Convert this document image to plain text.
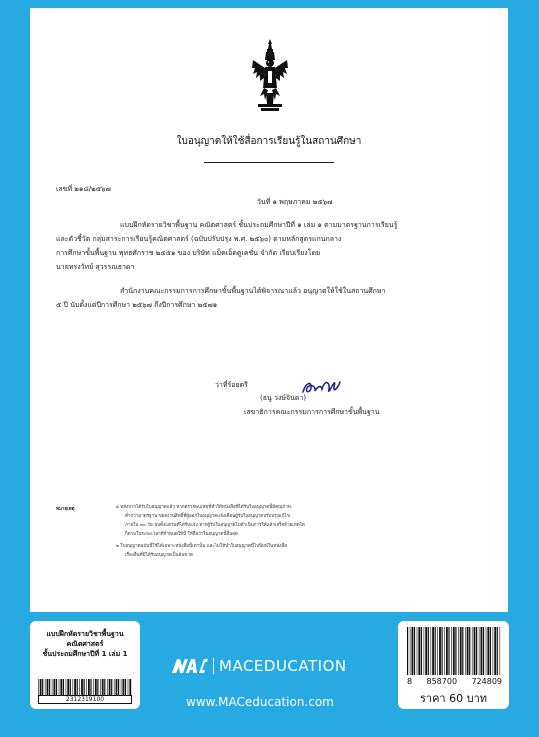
ใบอนุญาตให้ใช้สื่อการเรียนรู้ในสถานศึกษา
เลขที่ ๒๑๘/๒๕๖๗
วันที่ ๑ พฤษภาคม ๒๕๖๗
แบบฝึกหัดรายวิชาพื้นฐาน คณิตศาสตร์ ชั้นประถมศึกษาปีที่ ๑ เล่ม ๑ ตามมาตรฐานการเรียนรู้
และตัวชี้วัด กลุ่มสาระการเรียนรู้คณิตศาสตร์ (ฉบับปรับปรุง พ.ศ. ๒๕๖๐) ตามหลักสูตรแกนกลาง
การศึกษาขั้นพื้นฐาน พุทธศักราช ๒๕๕๑ ของ บริษัท แม็คเอ็ดดูเคชั่น จำกัด เรียบเรียงโดย
นายทรงวัทย์ สุวรรณธาดา
สำนักงานคณะกรรมการการศึกษาขั้นพื้นฐานได้พิจารณาแล้ว อนุญาตให้ใช้ในสถานศึกษา
๕ ปี นับตั้งแต่ปีการศึกษา ๒๕๖๗ ถึงปีการศึกษา ๒๕๗๑
ว่าที่ร้อยตรี
(ธนู ว่งษ์จินดา)
เลขาธิการคณะกรรมการการศึกษาขั้นพื้นฐาน
หมายเหตุ	๑ หลังจากได้รับใบอนุญาตแล้ว หากตรวจพบเหตุที่ทำให้หนังสือที่ได้รับใบอนุญาตนี้มีคุณภาพ
ต่ำกว่ามาตรฐาน ขอสงวนสิทธิ์ที่ผู้ออกใบอนุญาตแจ้งเตือนผู้รับใบอนุญาตปรับปรุงแก้ไข
ภายใน ๓๐ วัน นับตั้งแต่วันที่ได้รับแจ้ง หากผู้รับใบอนุญาตไม่ดำเนินการให้แล้วเสร็จด้วยเหตุใด
ก็ตามในระยะเวลาที่กำหนดให้นี้ ให้ถือว่าใบอนุญาตนี้สิ้นสุด
๒ ใบอนุญาตฉบับนี้ใช้ได้เฉพาะหนังสือนี้เท่านั้น และไม่ให้นำใบอนุญาตนี้ไปพิมพ์ในหนังสือ
เรื่องอื่นที่มิได้รับอนุญาตเป็นอันขาด
แบบฝึกหัดรายวิชาพื้นฐาน
คณิตศาสตร์
ชั้นประถมศึกษาปีที่ 1 เล่ม 1
2312319100
MACEDUCATION
www.MACeducation.com
8 858700 724809
ราคา 60 บาท
